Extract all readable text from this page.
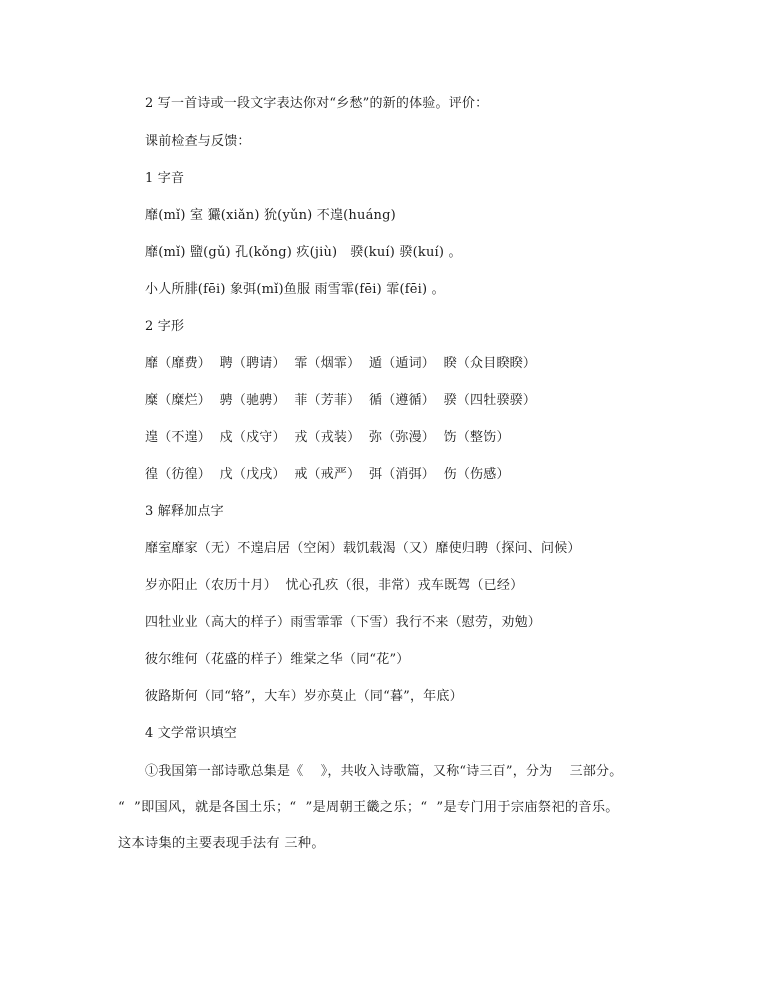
2 写一首诗或一段文字表达你对“乡愁”的新的体验。评价：
课前检查与反馈：
1 字音
靡(mǐ) 室 玁(xiǎn) 狁(yǔn) 不遑(huáng)
靡(mǐ) 盬(gǔ) 孔(kǒng) 疚(jiù)   骙(kuí) 骙(kuí) 。
小人所腓(fēi) 象弭(mǐ)鱼服 雨雪霏(fēi) 霏(fēi) 。
2 字形
靡（靡费）  聘（聘请）  霏（烟霏）  遁（遁词）  睽（众目睽睽）
糜（糜烂）  骋（驰骋）  菲（芳菲）  循（遵循）  骙（四牡骙骙）
遑（不遑）  戍（戍守）  戎（戎装）  弥（弥漫）  饬（整饬）
徨（彷徨）  戊（戊戌）  戒（戒严）  弭（消弭）  伤（伤感）
3 解释加点字
靡室靡家（无）不遑启居（空闲）载饥载渴（又）靡使归聘（探问、问候）
岁亦阳止（农历十月）  忧心孔疚（很，非常）戎车既驾（已经）
四牡业业（高大的样子）雨雪霏霏（下雪）我行不来（慰劳，劝勉）
彼尔维何（花盛的样子）维棠之华（同“花”）
彼路斯何（同“辂”，大车）岁亦莫止（同“暮”，年底）
4 文学常识填空
①我国第一部诗歌总集是《    》，共收入诗歌篇，又称“诗三百”，分为    三部分。
“  ”即国风，就是各国土乐；“  ”是周朝王畿之乐；“  ”是专门用于宗庙祭祀的音乐。
这本诗集的主要表现手法有 三种。
